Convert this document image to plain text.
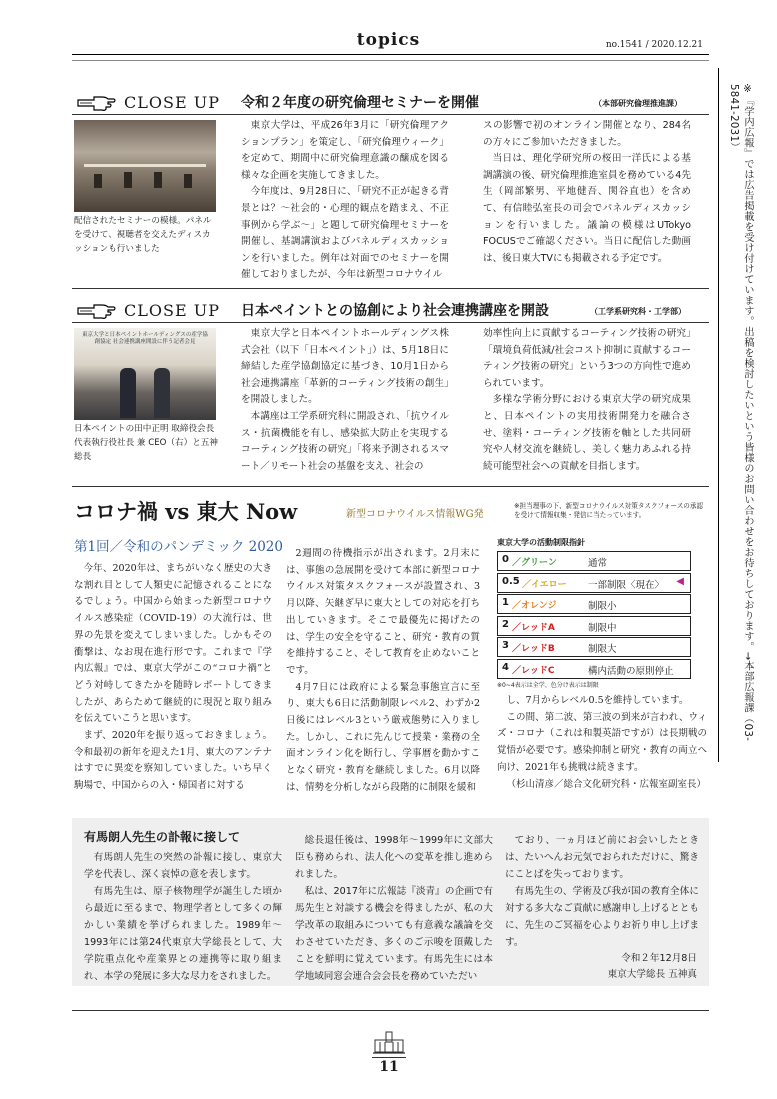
topics	no.1541 / 2020.12.21
CLOSE UP 令和２年度の研究倫理セミナーを開催	（本部研究倫理推進課）
配信されたセミナーの模様。パネルを受けて、視聴者を交えたディスカッションも行いました

東京大学は、平成26年3月に「研究倫理アクションプラン」を策定し、「研究倫理ウィーク」を定めて、期間中に研究倫理意識の醸成を図る様々な企画を実施してきました。

今年度は、9月28日に、「研究不正が起きる背景とは？～社会的・心理的観点を踏まえ、不正事例から学ぶ～」と題して研究倫理セミナーを開催し、基調講演およびパネルディスカッションを行いました。例年は対面でのセミナーを開催しておりましたが、今年は新型コロナウイル

スの影響で初のオンライン開催となり、284名の方々にご参加いただきました。

当日は、理化学研究所の桜田一洋氏による基調講演の後、研究倫理推進室員を務めている4先生（岡部繁男、平地健吾、関谷直也）を含めて、有信睦弘室長の司会でパネルディスカッションを行いました。議論の模様はUTokyo FOCUSでご確認ください。当日に配信した動画は、後日東大TVにも掲載される予定です。

CLOSE UP 日本ペイントとの協創により社会連携講座を開設	（工学系研究科・工学部）
東京大学と日本ペイントホールディングスの産学協創協定 社会連携講座開設に伴う記者会見
日本ペイントの田中正明 取締役会長 代表執行役社長 兼 CEO（右）と五神総長

東京大学と日本ペイントホールディングス株式会社（以下「日本ペイント」）は、5月18日に締結した産学協創協定に基づき、10月1日から社会連携講座「革新的コーティング技術の創生」を開設しました。

本講座は工学系研究科に開設され、「抗ウイルス・抗菌機能を有し、感染拡大防止を実現するコーティング技術の研究」「将来予測されるスマート／リモート社会の基盤を支え、社会の

効率性向上に貢献するコーティング技術の研究」「環境負荷低減/社会コスト抑制に貢献するコーティング技術の研究」という3つの方向性で進められています。

多様な学術分野における東京大学の研究成果と、日本ペイントの実用技術開発力を融合させ、塗料・コーティング技術を軸とした共同研究や人材交流を継続し、美しく魅力あふれる持続可能型社会への貢献を目指します。

コロナ禍 vs 東大 Now	新型コロナウイルス情報WG発
※担当理事の下、新型コロナウイルス対策タスクフォースの承認を受けて情報収集・発信に当たっています。
第1回／令和のパンデミック 2020

今年、2020年は、まちがいなく歴史の大きな割れ目として人類史に記憶されることになるでしょう。中国から始まった新型コロナウイルス感染症（COVID-19）の大流行は、世界の先景を変えてしまいました。しかもその衝撃は、なお現在進行形です。これまで『学内広報』では、東京大学がこの“コロナ禍”とどう対峙してきたかを随時レポートしてきましたが、あらためて継続的に現況と取り組みを伝えていこうと思います。

まず、2020年を振り返っておきましょう。令和最初の新年を迎えた1月、東大のアンテナはすでに異変を察知していました。いち早く駒場で、中国からの入・帰国者に対する

2週間の待機指示が出されます。2月末には、事態の急展開を受けて本部に新型コロナウイルス対策タスクフォースが設置され、3月以降、矢継ぎ早に東大としての対応を打ち出していきます。そこで最優先に掲げたのは、学生の安全を守ること、研究・教育の質を維持すること、そして教育を止めないことです。

4月7日には政府による緊急事態宣言に至り、東大も6日に活動制限レベル2、わずか2日後にはレベル3という厳戒態勢に入りました。しかし、これに先んじて授業・業務の全面オンライン化を断行し、学事暦を動かすことなく研究・教育を継続しました。6月以降は、情勢を分析しながら段階的に制限を緩和

東京大学の活動制限指針
0 ／グリーン	通常
0.5 ／イエロー 一部制限〈現在〉 ◀
1 ／オレンジ	制限小
2 ／レッドA	制限中
3 ／レッドB	制限大
4 ／レッドC	構内活動の原則停止
※0~4表示は全学、色分け表示は制限

し、7月からレベル0.5を維持しています。

この間、第二波、第三波の到来が言われ、ウィズ・コロナ（これは和製英語ですが）は長期戦の覚悟が必要です。感染抑制と研究・教育の両立へ向け、2021年も挑戦は続きます。

（杉山清彦／総合文化研究科・広報室副室長）

有馬朗人先生の訃報に接して

有馬朗人先生の突然の訃報に接し、東京大学を代表し、深く哀悼の意を表します。

有馬先生は、原子核物理学が誕生した頃から最近に至るまで、物理学者として多くの輝かしい業績を挙げられました。1989年～1993年には第24代東京大学総長として、大学院重点化や産業界との連携等に取り組まれ、本学の発展に多大な尽力をされました。

総長退任後は、1998年～1999年に文部大臣も務められ、法人化への変革を推し進められました。

私は、2017年に広報誌『淡青』の企画で有馬先生と対談する機会を得ましたが、私の大学改革の取組みについても有意義な議論を交わさせていただき、多くのご示唆を頂戴したことを鮮明に覚えています。有馬先生には本学地域同窓会連合会会長を務めていただい

ており、一ヵ月ほど前にお会いしたときは、たいへんお元気でおられただけに、驚きにことばを失っております。

有馬先生の、学術及び我が国の教育全体に対する多大なご貢献に感謝申し上げるとともに、先生のご冥福を心よりお祈り申し上げます。

令和２年12月8日
東京大学総長 五神真
※『学内広報』では広告掲載を受け付けています。出稿を検討したいという皆様のお問い合わせをお待ちしております。→本部広報課（03-5841-2031）
11
